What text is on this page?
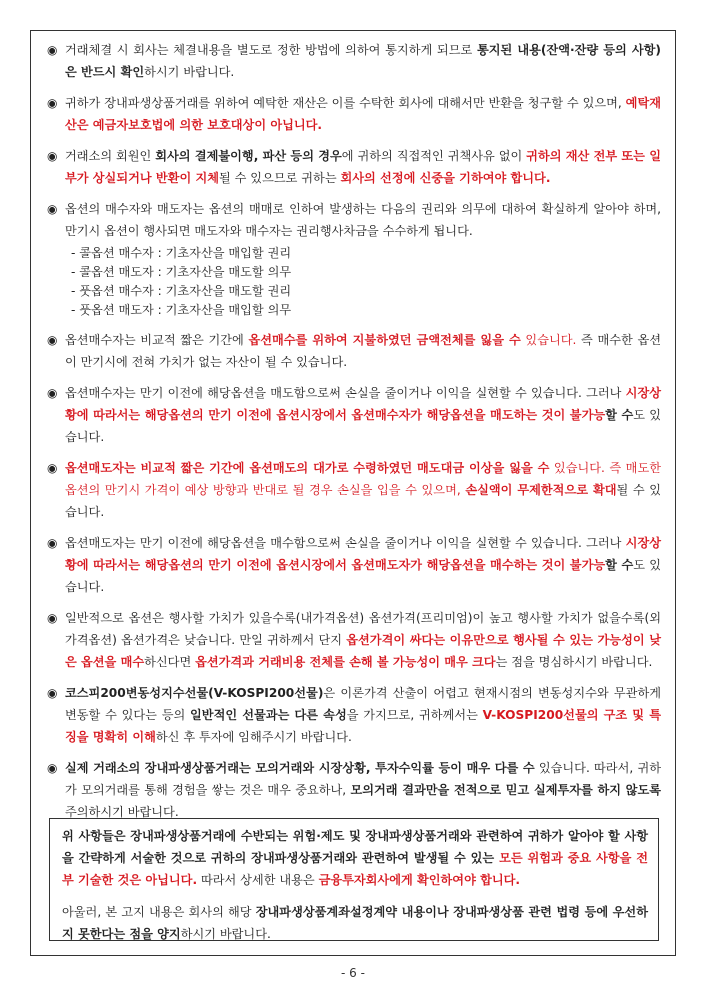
◉ 거래체결 시 회사는 체결내용을 별도로 정한 방법에 의하여 통지하게 되므로 통지된 내용(잔액·잔량 등의 사항)은 반드시 확인하시기 바랍니다.
◉ 귀하가 장내파생상품거래를 위하여 예탁한 재산은 이를 수탁한 회사에 대해서만 반환을 청구할 수 있으며, 예탁재산은 예금자보호법에 의한 보호대상이 아닙니다.
◉ 거래소의 회원인 회사의 결제불이행, 파산 등의 경우에 귀하의 직접적인 귀책사유 없이 귀하의 재산 전부 또는 일부가 상실되거나 반환이 지체될 수 있으므로 귀하는 회사의 선정에 신중을 기하여야 합니다.
◉ 옵션의 매수자와 매도자는 옵션의 매매로 인하여 발생하는 다음의 권리와 의무에 대하여 확실하게 알아야 하며, 만기시 옵션이 행사되면 매도자와 매수자는 권리행사차금을 수수하게 됩니다.
- 콜옵션 매수자 : 기초자산을 매입할 권리
- 콜옵션 매도자 : 기초자산을 매도할 의무
- 풋옵션 매수자 : 기초자산을 매도할 권리
- 풋옵션 매도자 : 기초자산을 매입할 의무
◉ 옵션매수자는 비교적 짧은 기간에 옵션매수를 위하여 지불하였던 금액전체를 잃을 수 있습니다. 즉 매수한 옵션이 만기시에 전혀 가치가 없는 자산이 될 수 있습니다.
◉ 옵션매수자는 만기 이전에 해당옵션을 매도함으로써 손실을 줄이거나 이익을 실현할 수 있습니다. 그러나 시장상황에 따라서는 해당옵션의 만기 이전에 옵션시장에서 옵션매수자가 해당옵션을 매도하는 것이 불가능할 수도 있습니다.
◉ 옵션매도자는 비교적 짧은 기간에 옵션매도의 대가로 수령하였던 매도대금 이상을 잃을 수 있습니다. 즉 매도한 옵션의 만기시 가격이 예상 방향과 반대로 될 경우 손실을 입을 수 있으며, 손실액이 무제한적으로 확대될 수 있습니다.
◉ 옵션매도자는 만기 이전에 해당옵션을 매수함으로써 손실을 줄이거나 이익을 실현할 수 있습니다. 그러나 시장상황에 따라서는 해당옵션의 만기 이전에 옵션시장에서 옵션매도자가 해당옵션을 매수하는 것이 불가능할 수도 있습니다.
◉ 일반적으로 옵션은 행사할 가치가 있을수록(내가격옵션) 옵션가격(프리미엄)이 높고 행사할 가치가 없을수록(외가격옵션) 옵션가격은 낮습니다. 만일 귀하께서 단지 옵션가격이 싸다는 이유만으로 행사될 수 있는 가능성이 낮은 옵션을 매수하신다면 옵션가격과 거래비용 전체를 손해 볼 가능성이 매우 크다는 점을 명심하시기 바랍니다.
◉ 코스피200변동성지수선물(V-KOSPI200선물)은 이론가격 산출이 어렵고 현재시점의 변동성지수와 무관하게 변동할 수 있다는 등의 일반적인 선물과는 다른 속성을 가지므로, 귀하께서는 V-KOSPI200선물의 구조 및 특징을 명확히 이해하신 후 투자에 임해주시기 바랍니다.
◉ 실제 거래소의 장내파생상품거래는 모의거래와 시장상황, 투자수익률 등이 매우 다를 수 있습니다. 따라서, 귀하가 모의거래를 통해 경험을 쌓는 것은 매우 중요하나, 모의거래 결과만을 전적으로 믿고 실제투자를 하지 않도록 주의하시기 바랍니다.

위 사항들은 장내파생상품거래에 수반되는 위험·제도 및 장내파생상품거래와 관련하여 귀하가 알아야 할 사항을 간략하게 서술한 것으로 귀하의 장내파생상품거래와 관련하여 발생될 수 있는 모든 위험과 중요 사항을 전부 기술한 것은 아닙니다. 따라서 상세한 내용은 금융투자회사에게 확인하여야 합니다.

아울러, 본 고지 내용은 회사의 해당 장내파생상품계좌설정계약 내용이나 장내파생상품 관련 법령 등에 우선하지 못한다는 점을 양지하시기 바랍니다.

- 6 -
